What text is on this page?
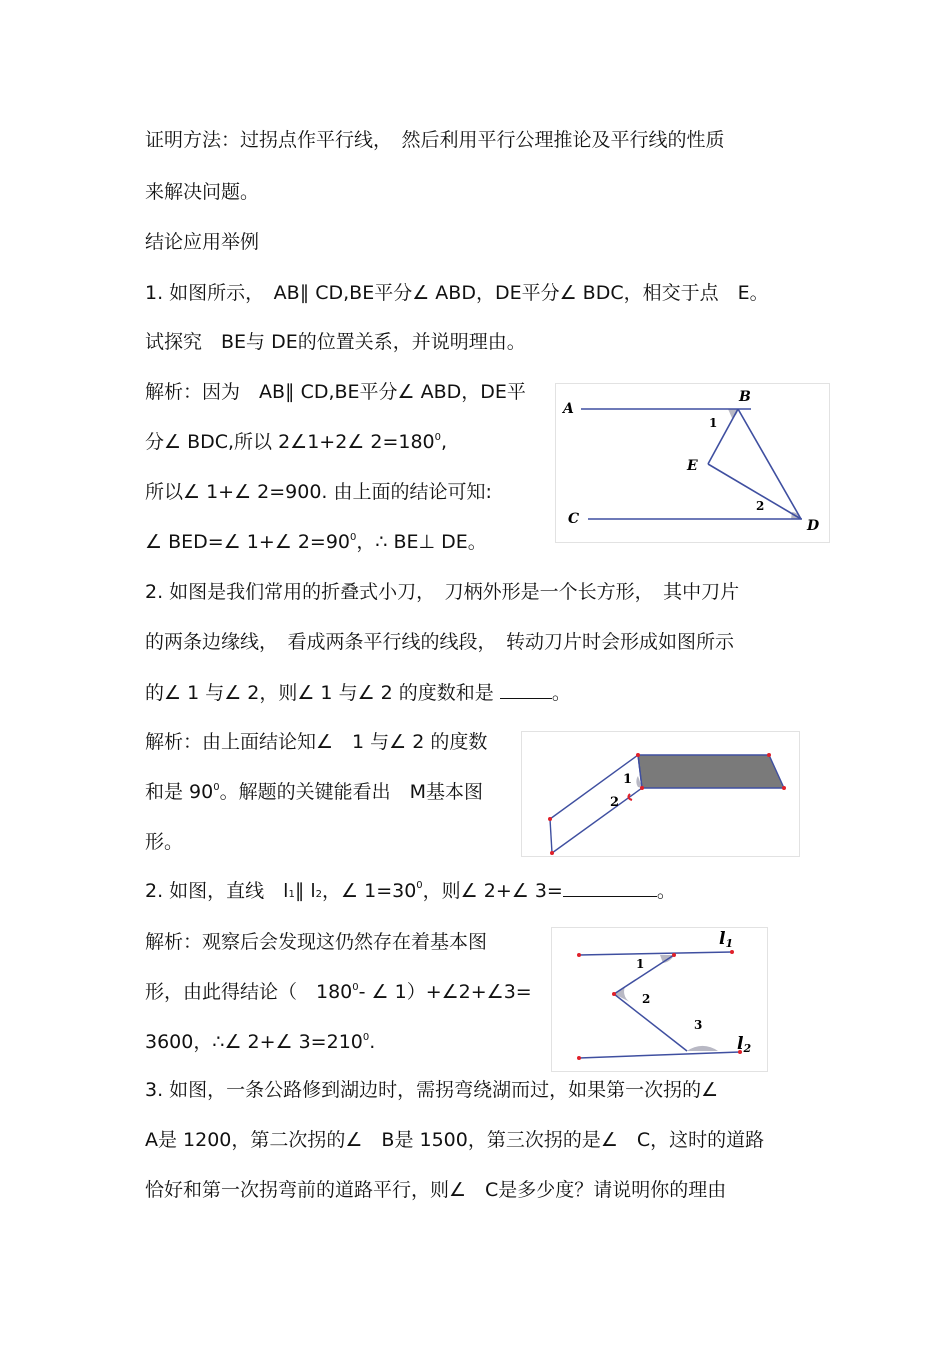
证明方法：过拐点作平行线，　然后利用平行公理推论及平行线的性质
来解决问题。
结论应用举例
1. 如图所示，　AB∥ CD,BE平分∠ ABD，DE平分∠ BDC，相交于点　E。
试探究　BE与 DE的位置关系，并说明理由。
解析：因为　AB∥ CD,BE平分∠ ABD，DE平
分∠ BDC,所以 2∠1+2∠ $2=180^0$,
所以∠ 1+∠ 2=900. 由上面的结论可知:
∠ BED=∠ 1+∠ $2=90^0$，∴ BE⊥ DE。
2. 如图是我们常用的折叠式小刀，　刀柄外形是一个长方形，　其中刀片
的两条边缘线，　看成两条平行线的线段，　转动刀片时会形成如图所示
的∠ 1 与∠ 2，则∠ 1 与∠ 2 的度数和是	。
解析：由上面结论知∠　1 与∠ 2 的度数
和是 $90^0$。解题的关键能看出　M基本图
形。
2. 如图，直线　l1∥ l2，∠ $1=30^0$，则∠ 2+∠ 3=	。
解析：观察后会发现这仍然存在着基本图
形，由此得结论（　$180^0-$ ∠ 1）+∠2+∠3=
3600，∴∠ 2+∠ $3=210^0$.
3. 如图，一条公路修到湖边时，需拐弯绕湖而过，如果第一次拐的∠
A是 1200，第二次拐的∠　B是 1500，第三次拐的是∠　C，这时的道路
恰好和第一次拐弯前的道路平行，则∠　C是多少度？请说明你的理由
A
B
C	D
E
1
2
1
2
l1
l2
1
2
3
